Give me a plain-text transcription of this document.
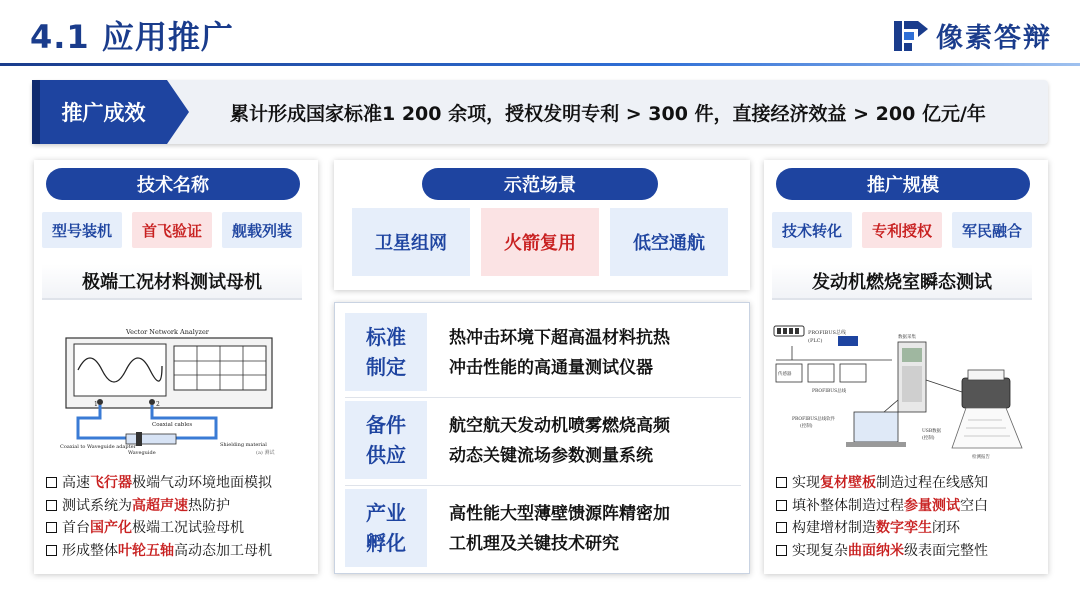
4.1 应用推广	像素答辩
推广成效	累计形成国家标准1 200 余项，授权发明专利 > 300 件，直接经济效益 > 200 亿元/年
技术名称
型号装机	首飞验证	舰载列装
极端工况材料测试母机
Vector Network Analyzer
1	2
Coaxial cables
Coaxial to Waveguide adapter
Waveguide
Shielding material
(a) 测试
高速飞行器极端气动环境地面模拟
测试系统为高超声速热防护
首台国产化极端工况试验母机
形成整体叶轮五轴高动态加工母机
示范场景
卫星组网	火箭复用	低空通航
标准
制定
热冲击环境下超高温材料抗热
冲击性能的高通量测试仪器
备件
供应
航空航天发动机喷雾燃烧高频
动态关键流场参数测量系统
产业
孵化
高性能大型薄壁馈源阵精密加
工机理及关键技术研究
推广规模
技术转化	专利授权	军民融合
发动机燃烧室瞬态测试
PROFIBUS总线
(PLC)
传感器
PROFIBUS总线
数据采集
PROFIBUS总线软件
(控制)
USB数据
(控制)
检测报告
实现复材壁板制造过程在线感知
填补整体制造过程参量测试空白
构建增材制造数字孪生闭环
实现复杂曲面纳米级表面完整性
